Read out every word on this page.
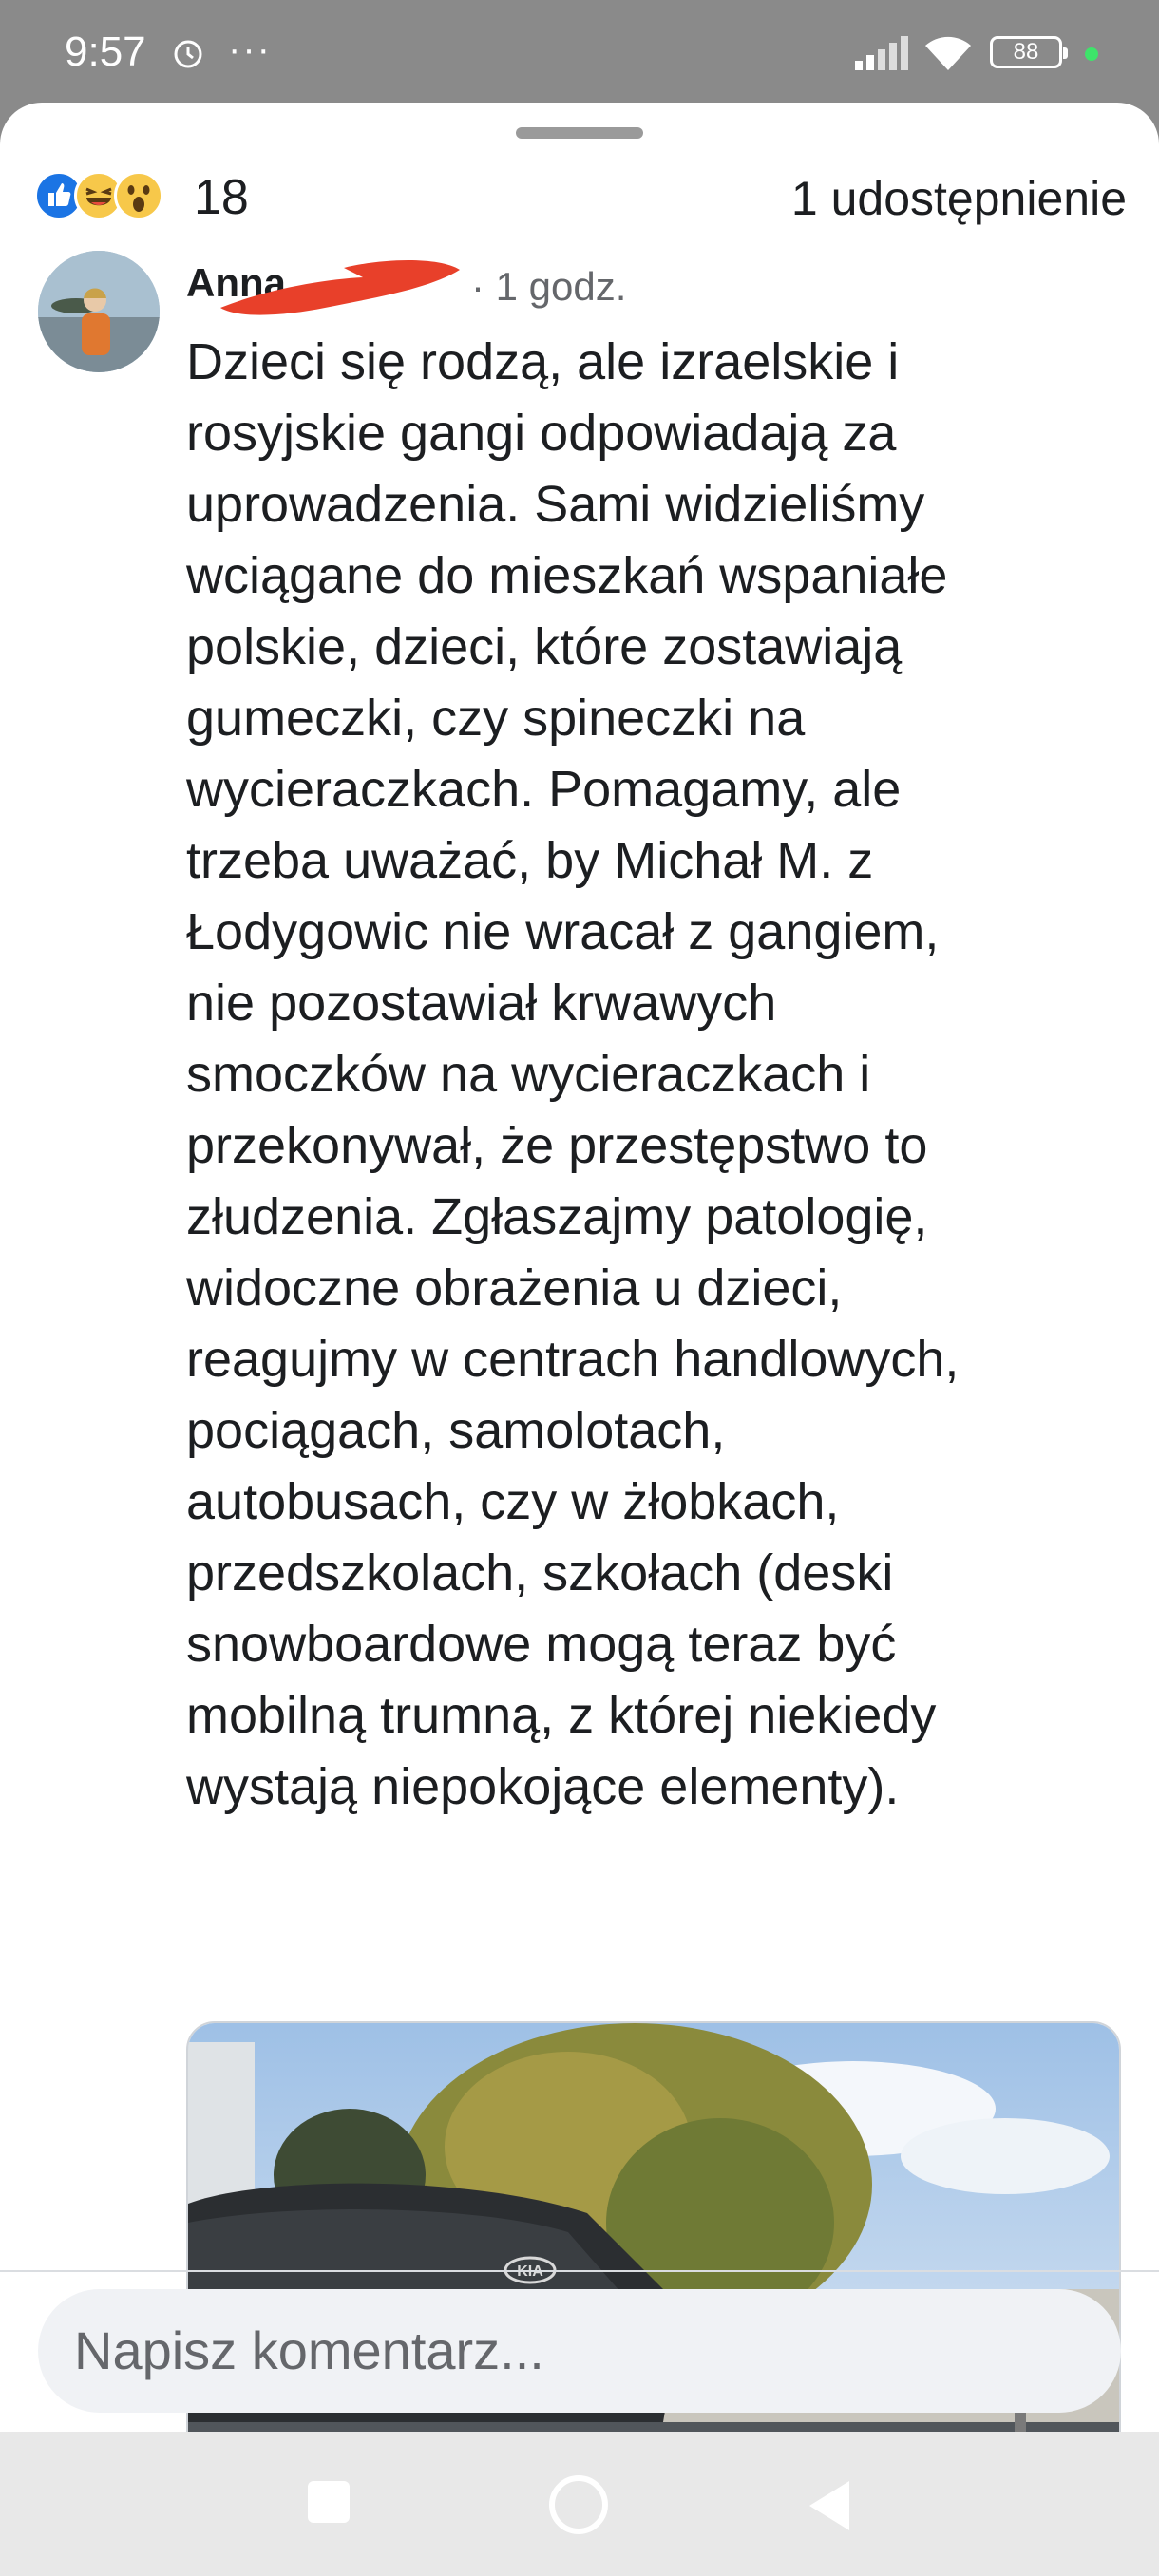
9:57 ···	88
18	1 udostępnienie
Anna	· 1 godz.
Dzieci się rodzą, ale izraelskie i
rosyjskie gangi odpowiadają za
uprowadzenia. Sami widzieliśmy
wciągane do mieszkań wspaniałe
polskie, dzieci, które zostawiają
gumeczki, czy spineczki na
wycieraczkach. Pomagamy, ale
trzeba uważać, by Michał M. z
Łodygowic nie wracał z gangiem,
nie pozostawiał krwawych
smoczków na wycieraczkach i
przekonywał, że przestępstwo to
złudzenia. Zgłaszajmy patologię,
widoczne obrażenia u dzieci,
reagujmy w centrach handlowych,
pociągach, samolotach,
autobusach, czy w żłobkach,
przedszkolach, szkołach (deski
snowboardowe mogą teraz być
mobilną trumną, z której niekiedy
wystają niepokojące elementy).
Napisz komentarz...
